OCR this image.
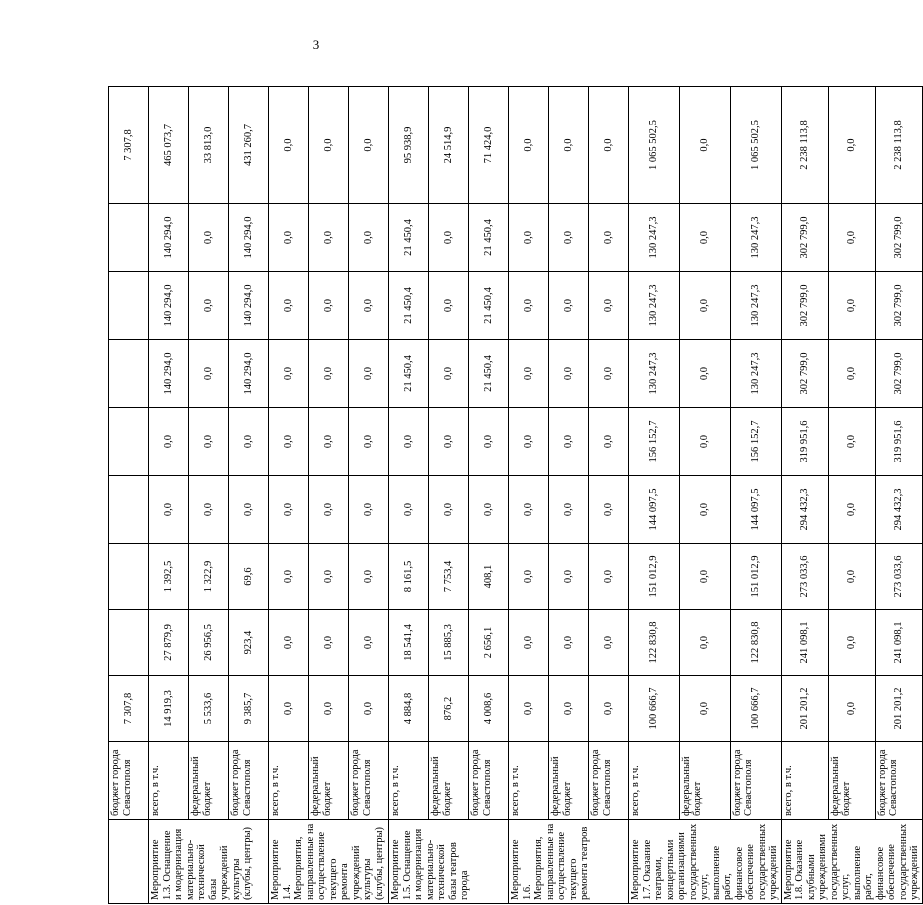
3
	бюджет города Севастополя	7 307,8								7 307,8
Мероприятие 1.3. Оснащение и модернизация материально-технической базы учреждений культуры (клубы, центры)	всего, в т.ч.	14 919,3	27 879,9	1 392,5	0,0	0,0	140 294,0	140 294,0	140 294,0	465 073,7
	федеральный бюджет	5 533,6	26 956,5	1 322,9	0,0	0,0	0,0	0,0	0,0	33 813,0
	бюджет города Севастополя	9 385,7	923,4	69,6	0,0	0,0	140 294,0	140 294,0	140 294,0	431 260,7
Мероприятие 1.4. Мероприятия, направленные на осуществление текущего ремонта учреждений культуры (клубы, центры)	всего, в т.ч.	0,0	0,0	0,0	0,0	0,0	0,0	0,0	0,0	0,0
	федеральный бюджет	0,0	0,0	0,0	0,0	0,0	0,0	0,0	0,0	0,0
	бюджет города Севастополя	0,0	0,0	0,0	0,0	0,0	0,0	0,0	0,0	0,0
Мероприятие 1.5. Оснащение и модернизация материально-технической базы театров города	всего, в т.ч.	4 884,8	18 541,4	8 161,5	0,0	0,0	21 450,4	21 450,4	21 450,4	95 938,9
	федеральный бюджет	876,2	15 885,3	7 753,4	0,0	0,0	0,0	0,0	0,0	24 514,9
	бюджет города Севастополя	4 008,6	2 656,1	408,1	0,0	0,0	21 450,4	21 450,4	21 450,4	71 424,0
Мероприятие 1.6. Мероприятия, направленные на осуществление текущего ремонта театров	всего, в т.ч.	0,0	0,0	0,0	0,0	0,0	0,0	0,0	0,0	0,0
	федеральный бюджет	0,0	0,0	0,0	0,0	0,0	0,0	0,0	0,0	0,0
	бюджет города Севастополя	0,0	0,0	0,0	0,0	0,0	0,0	0,0	0,0	0,0
Мероприятие 1.7. Оказание театрами, концертными организациями государственных услуг, выполнение работ, финансовое обеспечение государственных учреждений	всего, в т.ч.	100 666,7	122 830,8	151 012,9	144 097,5	156 152,7	130 247,3	130 247,3	130 247,3	1 065 502,5
	федеральный бюджет	0,0	0,0	0,0	0,0	0,0	0,0	0,0	0,0	0,0
	бюджет города Севастополя	100 666,7	122 830,8	151 012,9	144 097,5	156 152,7	130 247,3	130 247,3	130 247,3	1 065 502,5
Мероприятие 1.8. Оказание клубными учреждениями государственных услуг, выполнение работ, финансовое обеспечение государственных учреждений	всего, в т.ч.	201 201,2	241 098,1	273 033,6	294 432,3	319 951,6	302 799,0	302 799,0	302 799,0	2 238 113,8
	федеральный бюджет	0,0	0,0	0,0	0,0	0,0	0,0	0,0	0,0	0,0
	бюджет города Севастополя	201 201,2	241 098,1	273 033,6	294 432,3	319 951,6	302 799,0	302 799,0	302 799,0	2 238 113,8
